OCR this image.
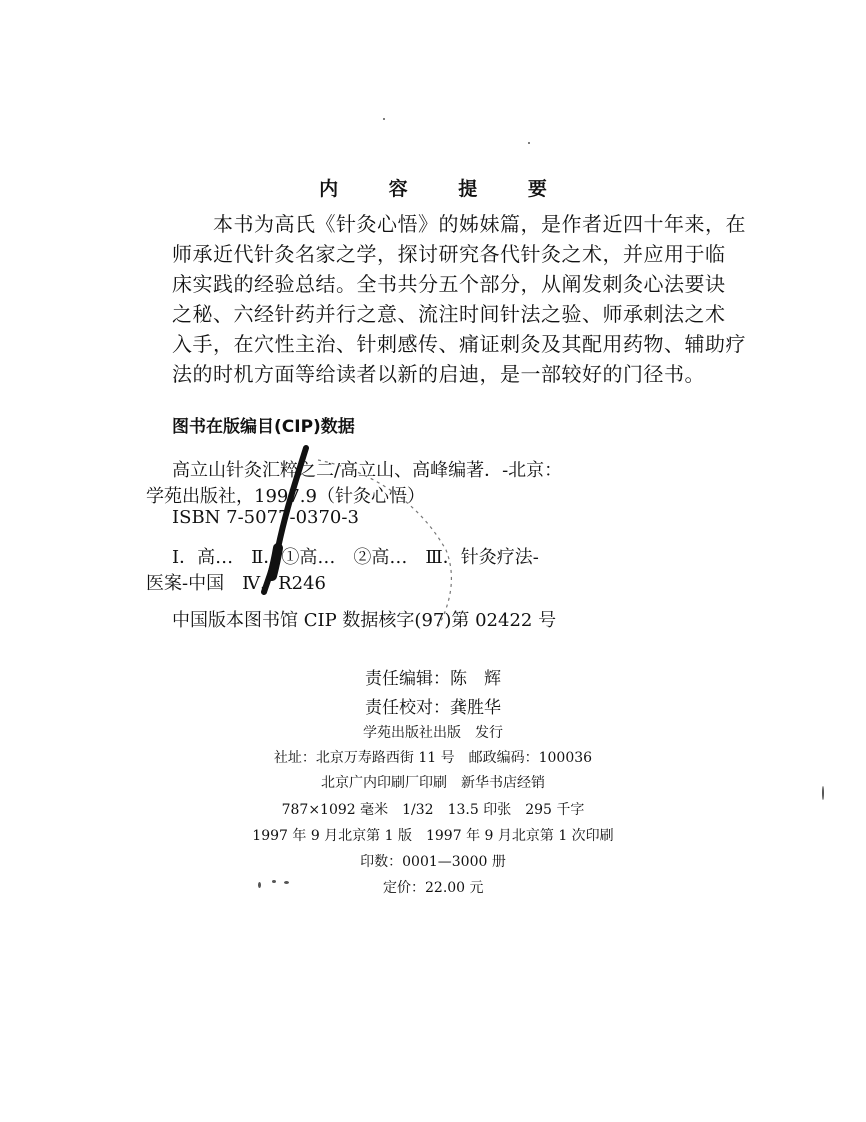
内 容 提 要
　　本书为高氏《针灸心悟》的姊妹篇，是作者近四十年来，在
师承近代针灸名家之学，探讨研究各代针灸之术，并应用于临
床实践的经验总结。全书共分五个部分，从阐发刺灸心法要诀
之秘、六经针药并行之意、流注时间针法之验、师承刺法之术
入手，在穴性主治、针刺感传、痛证刺灸及其配用药物、辅助疗
法的时机方面等给读者以新的启迪，是一部较好的门径书。
图书在版编目(CIP)数据
高立山针灸汇粹之二/高立山、高峰编著．-北京：
学苑出版社，1997.9（针灸心悟）
ISBN 7-5077-0370-3
Ⅰ．高…　Ⅱ．①高…　②高…　Ⅲ．针灸疗法-
医案-中国　Ⅳ．R246
中国版本图书馆 CIP 数据核字(97)第 02422 号
责任编辑：陈　辉
责任校对：龚胜华
学苑出版社出版　发行
社址：北京万寿路西街 11 号　邮政编码：100036
北京广内印刷厂印刷　新华书店经销
787×1092 毫米　1/32　13.5 印张　295 千字
1997 年 9 月北京第 1 版　1997 年 9 月北京第 1 次印刷
印数：0001—3000 册
定价：22.00 元
